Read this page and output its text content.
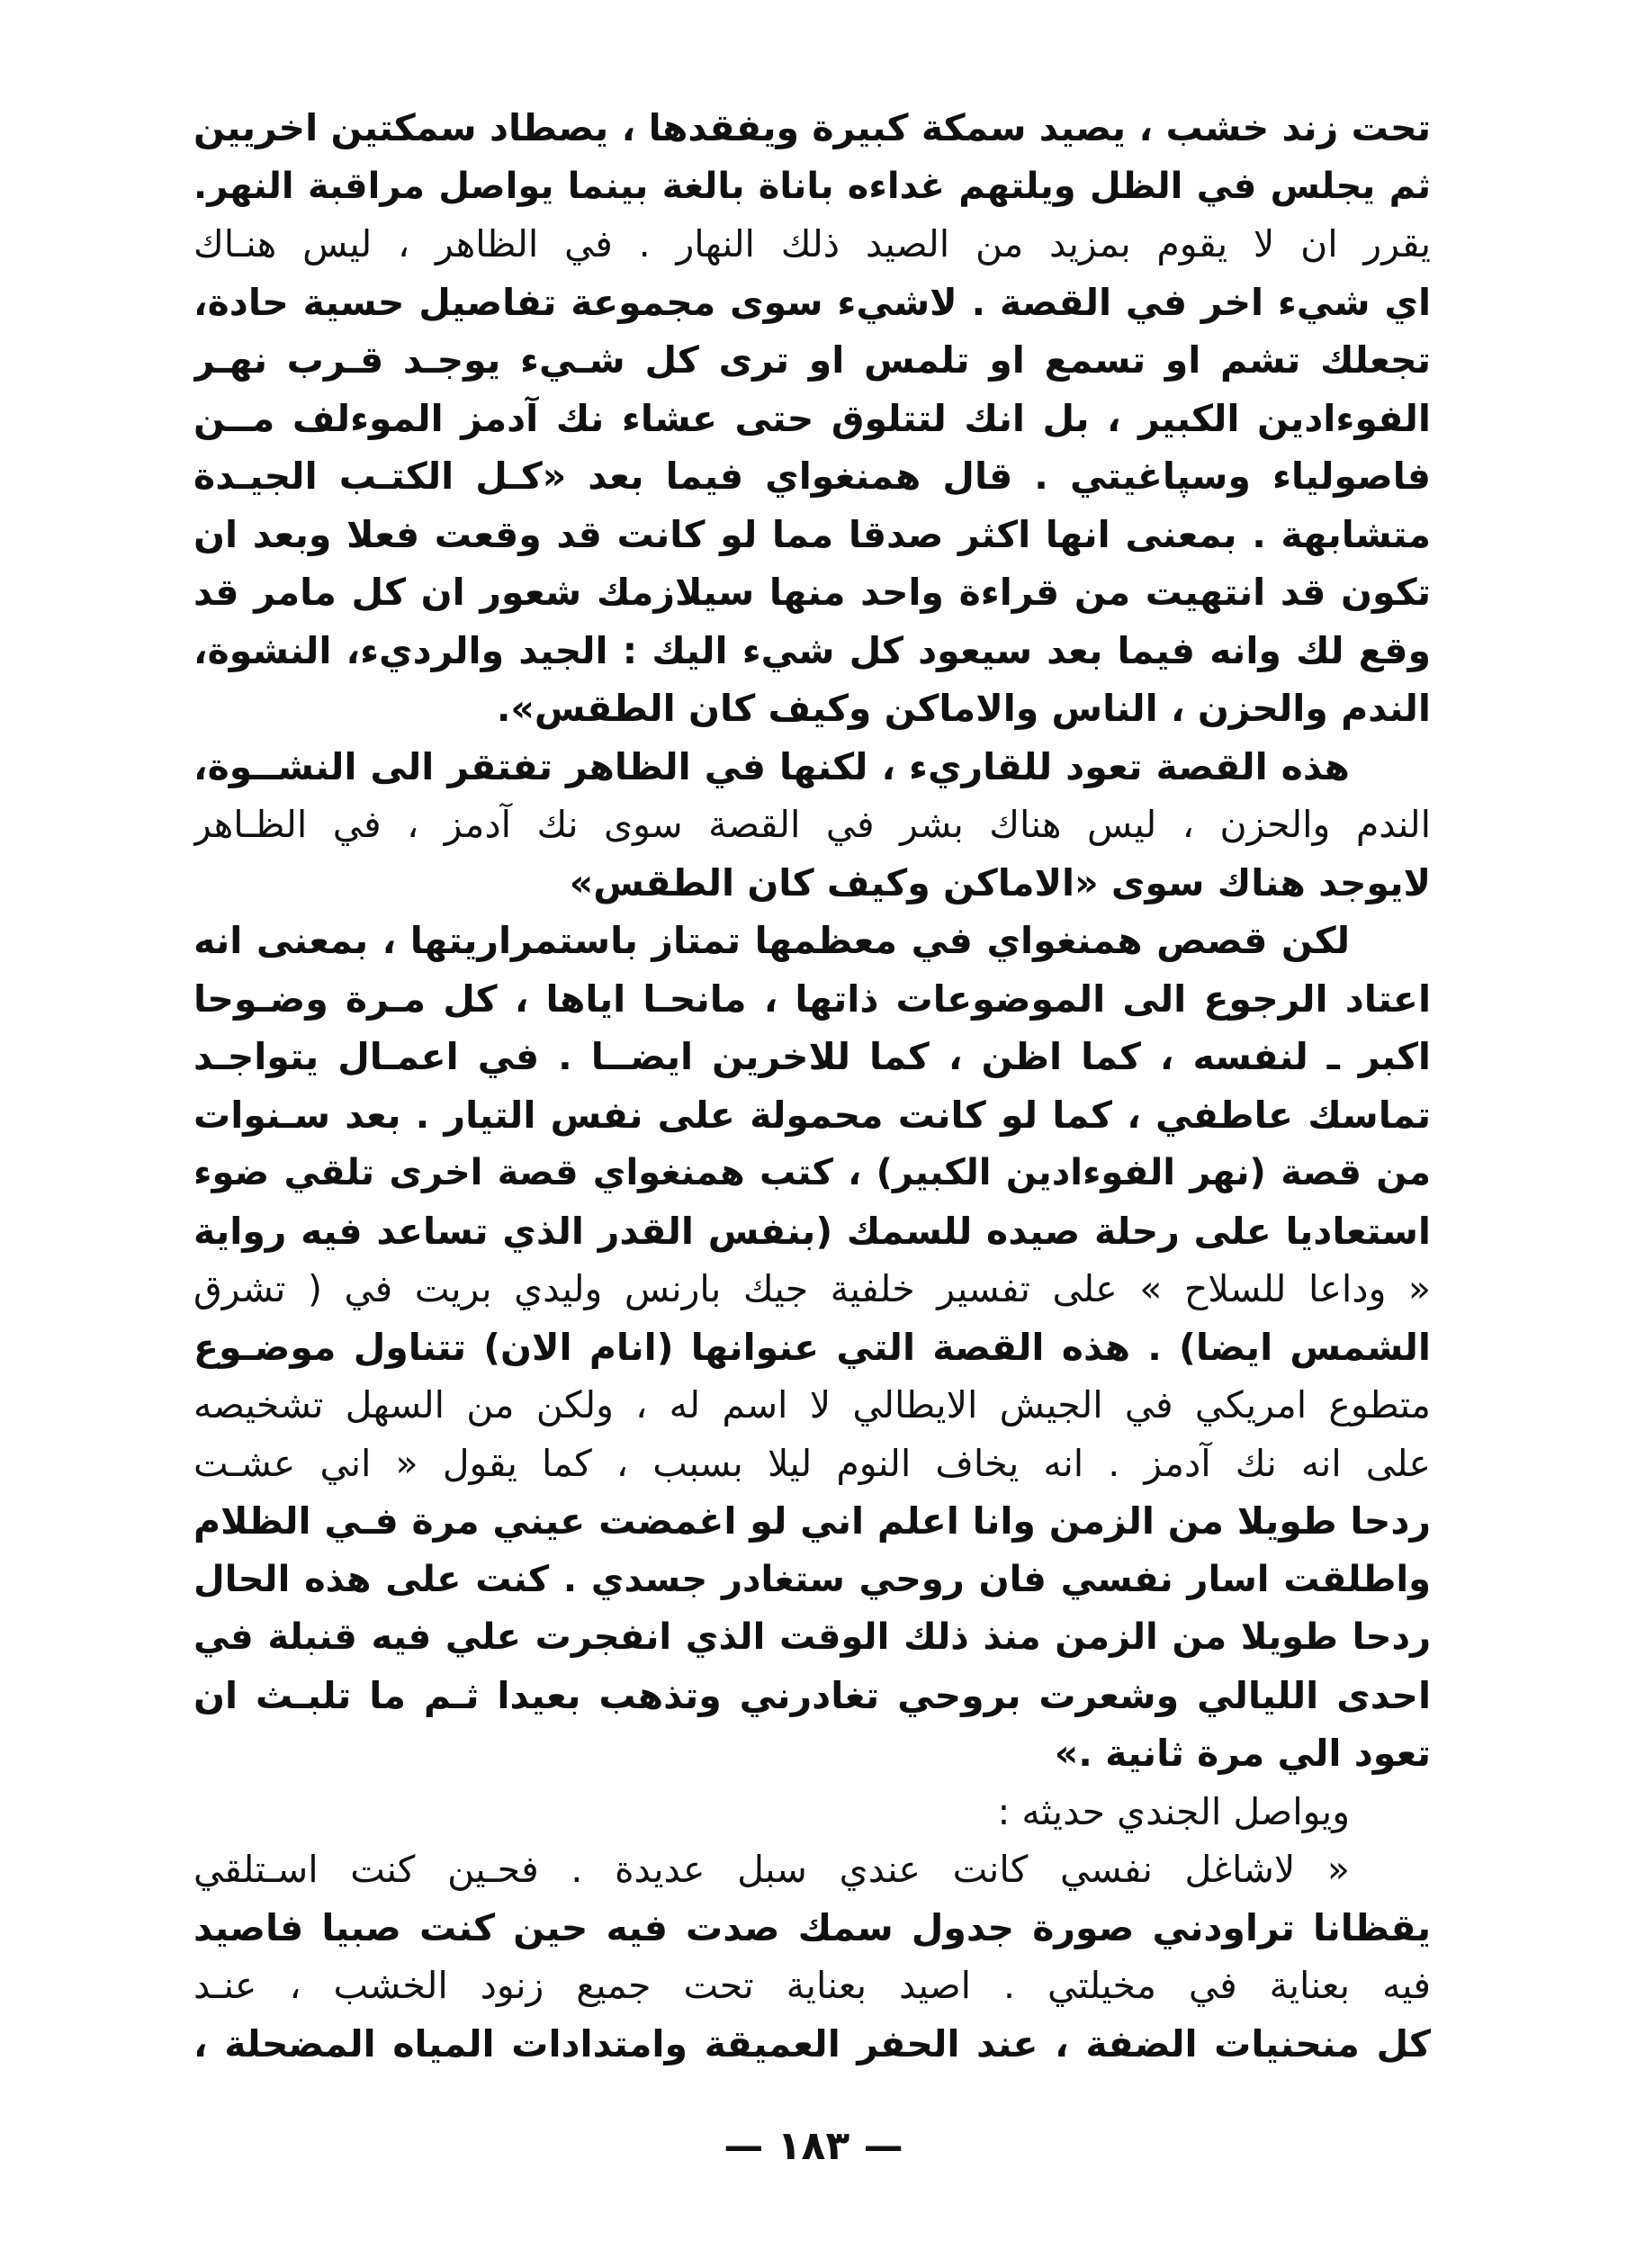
تحت زند خشب ، يصيد سمكة كبيرة ويفقدها ، يصطاد سمكتين اخريين
ثم يجلس في الظل ويلتهم غداءه باناة بالغة بينما يواصل مراقبة النهر.
يقرر ان لا يقوم بمزيد من الصيد ذلك النهار . في الظاهر ، ليس هنـاك
اي شيء اخر في القصة . لاشيء سوى مجموعة تفاصيل حسية حادة،
تجعلك تشم او تسمع او تلمس او ترى كل شـيء يوجـد قـرب نهـر
الفوءادين الكبير ، بل انك لتتلوق حتى عشاء نك آدمز الموءلف مــن
فاصولياء وسپاغيتي . قال همنغواي فيما بعد «كـل الكتـب الجيـدة
متشابهة . بمعنى انها اكثر صدقا مما لو كانت قد وقعت فعلا وبعد ان
تكون قد انتهيت من قراءة واحد منها سيلازمك شعور ان كل مامر قد
وقع لك وانه فيما بعد سيعود كل شيء اليك : الجيد والرديء، النشوة،
الندم والحزن ، الناس والاماكن وكيف كان الطقس».
هذه القصة تعود للقاريء ، لكنها في الظاهر تفتقر الى النشــوة،
الندم والحزن ، ليس هناك بشر في القصة سوى نك آدمز ، في الظـاهر
لايوجد هناك سوى «الاماكن وكيف كان الطقس»
لكن قصص همنغواي في معظمها تمتاز باستمراريتها ، بمعنى انه
اعتاد الرجوع الى الموضوعات ذاتها ، مانحـا اياها ، كل مـرة وضـوحا
اكبر ـ لنفسه ، كما اظن ، كما للاخرين ايضــا . في اعمـال يتواجـد
تماسك عاطفي ، كما لو كانت محمولة على نفس التيار . بعد سـنوات
من قصة (نهر الفوءادين الكبير) ، كتب همنغواي قصة اخرى تلقي ضوء
استعاديا على رحلة صيده للسمك (بنفس القدر الذي تساعد فيه رواية
« وداعا للسلاح » على تفسير خلفية جيك بارنس وليدي بريت في ( تشرق
الشمس ايضا) . هذه القصة التي عنوانها (انام الان) تتناول موضـوع
متطوع امريكي في الجيش الايطالي لا اسم له ، ولكن من السهل تشخيصه
على انه نك آدمز . انه يخاف النوم ليلا بسبب ، كما يقول « اني عشـت
ردحا طويلا من الزمن وانا اعلم اني لو اغمضت عيني مرة فـي الظلام
واطلقت اسار نفسي فان روحي ستغادر جسدي . كنت على هذه الحال
ردحا طويلا من الزمن منذ ذلك الوقت الذي انفجرت علي فيه قنبلة في
احدى الليالي وشعرت بروحي تغادرني وتذهب بعيدا ثـم ما تلبـث ان
تعود الي مرة ثانية .»
ويواصل الجندي حديثه :
« لاشاغل نفسي كانت عندي سبل عديدة . فحـين كنت اسـتلقي
يقظانا تراودني صورة جدول سمك صدت فيه حين كنت صبيا فاصيد
فيه بعناية في مخيلتي . اصيد بعناية تحت جميع زنود الخشب ، عنـد
كل منحنيات الضفة ، عند الحفر العميقة وامتدادات المياه المضحلة ،
— ١٨٣ —
